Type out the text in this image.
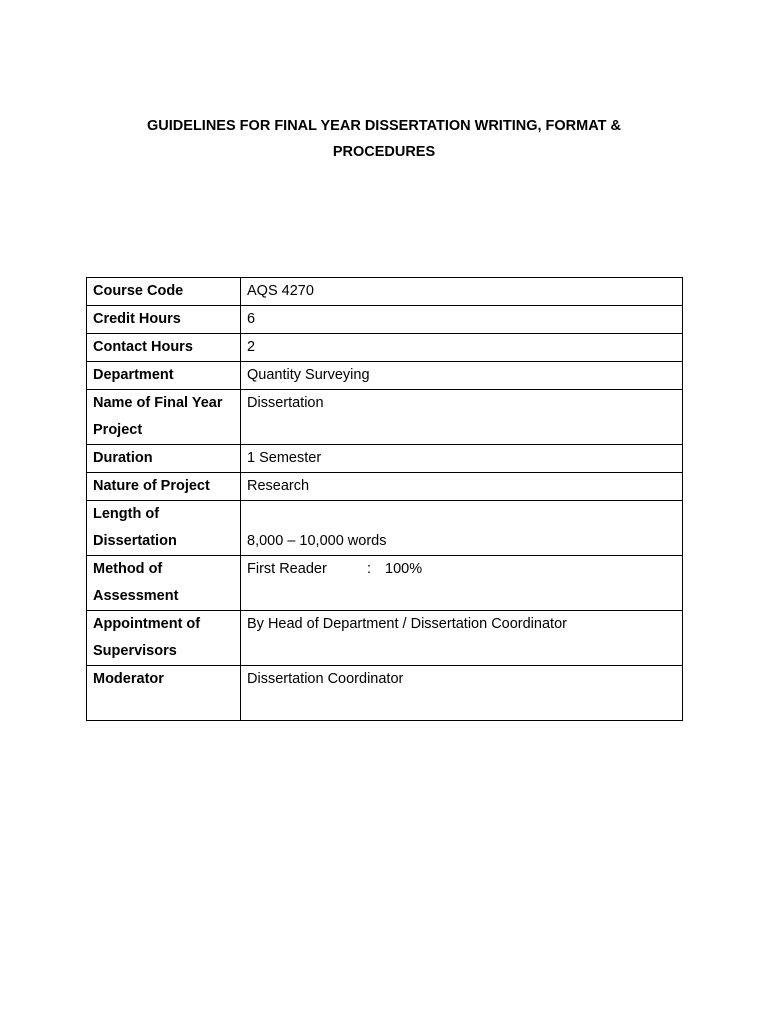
GUIDELINES FOR FINAL YEAR DISSERTATION WRITING, FORMAT &
PROCEDURES
Course Code	AQS 4270
Credit Hours	6
Contact Hours	2
Department	Quantity Surveying
Name of Final Year Project	Dissertation
Duration	1 Semester
Nature of Project	Research
Length of Dissertation	8,000 – 10,000 words

Method of Assessment	First Reader : 100%
Appointment of Supervisors	By Head of Department / Dissertation Coordinator
Moderator	Dissertation Coordinator
